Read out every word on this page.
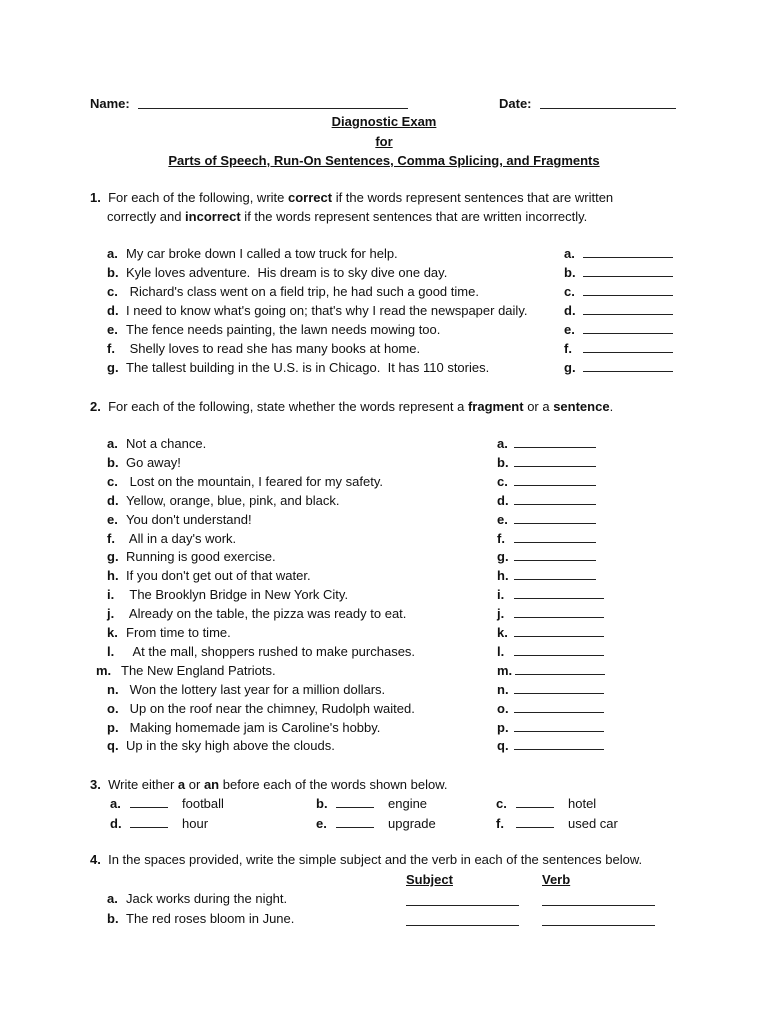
Name:	Date:
Diagnostic Exam
for
Parts of Speech, Run-On Sentences, Comma Splicing, and Fragments
1. For each of the following, write correct if the words represent sentences that are written
correctly and incorrect if the words represent sentences that are written incorrectly.
a. My car broke down I called a tow truck for help.	a.
b. Kyle loves adventure.  His dream is to sky dive one day.	b.
c. Richard's class went on a field trip, he had such a good time.	c.
d. I need to know what's going on; that's why I read the newspaper daily.	d.
e. The fence needs painting, the lawn needs mowing too.	e.
f. Shelly loves to read she has many books at home.	f.
g. The tallest building in the U.S. is in Chicago.  It has 110 stories.	g.
2. For each of the following, state whether the words represent a fragment or a sentence.
a. Not a chance.	a.
b. Go away!	b.
c. Lost on the mountain, I feared for my safety.	c.
d. Yellow, orange, blue, pink, and black.	d.
e. You don't understand!	e.
f. All in a day's work.	f.
g. Running is good exercise.	g.
h. If you don't get out of that water.	h.
i. The Brooklyn Bridge in New York City.	i.
j. Already on the table, the pizza was ready to eat.	j.
k. From time to time.	k.
l.  At the mall, shoppers rushed to make purchases.	l.
m. The New England Patriots.	m.
n. Won the lottery last year for a million dollars.	n.
o. Up on the roof near the chimney, Rudolph waited.	o.
p. Making homemade jam is Caroline's hobby.	p.
q. Up in the sky high above the clouds.	q.
3. Write either a or an before each of the words shown below.
a.	football	b.	engine	c.	hotel
d.	hour	e.	upgrade	f.	used car
4. In the spaces provided, write the simple subject and the verb in each of the sentences below.
Subject	Verb
a. Jack works during the night.
b. The red roses bloom in June.
